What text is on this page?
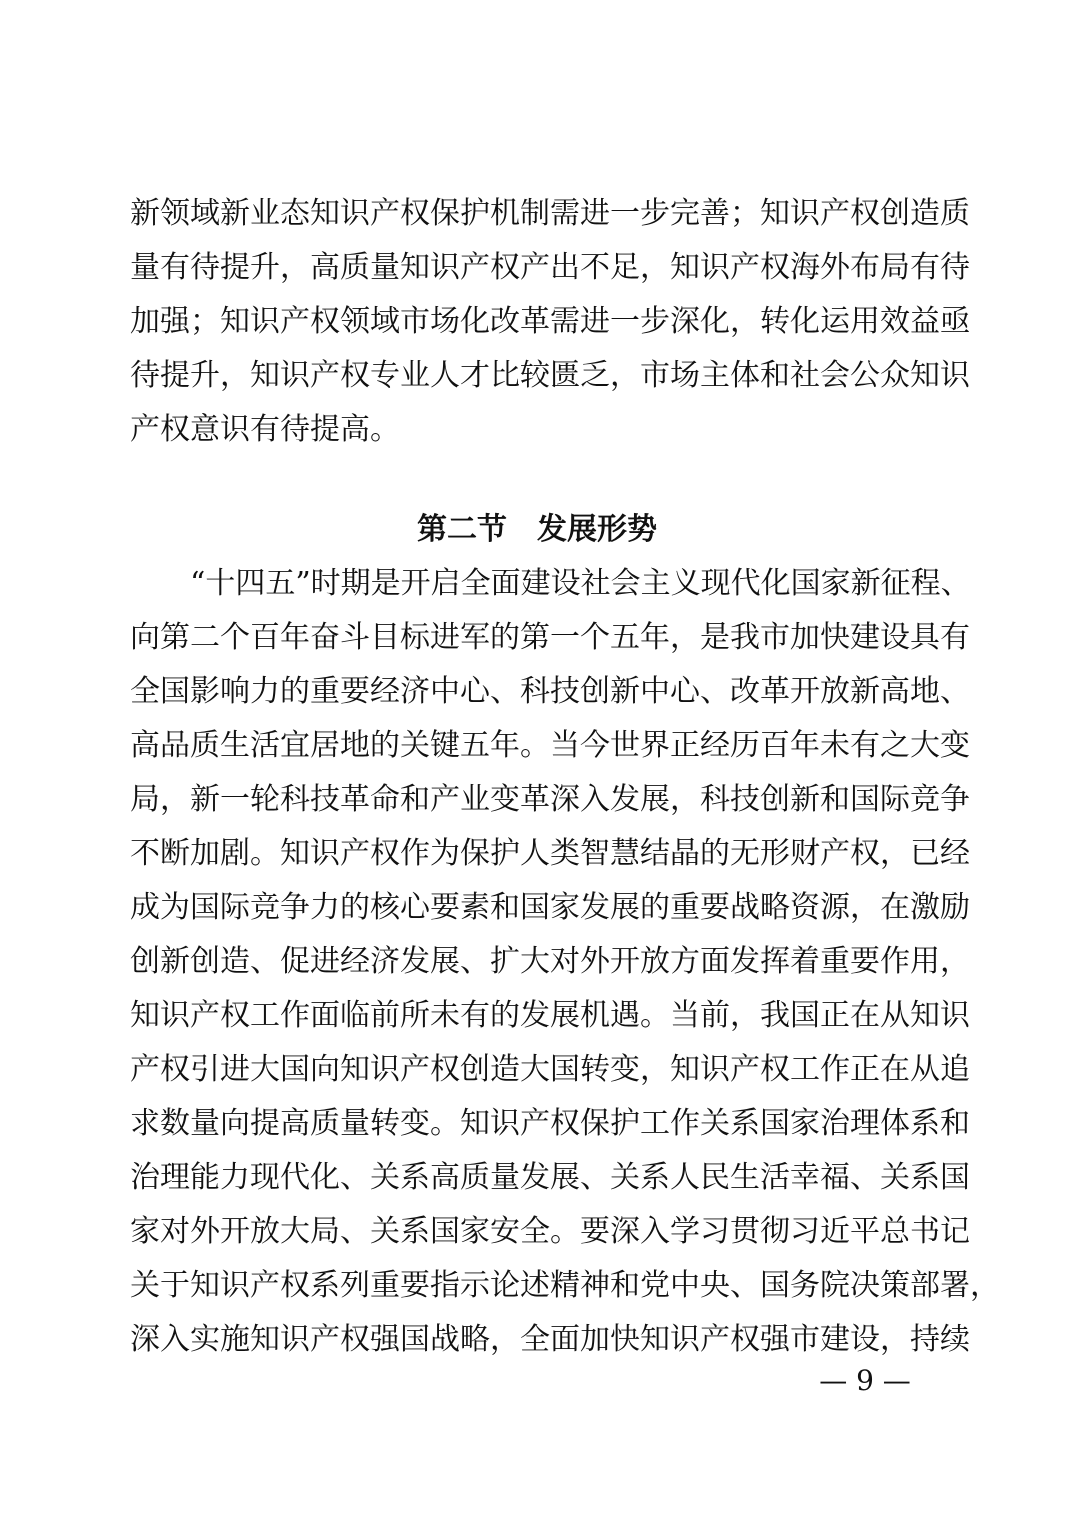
新领域新业态知识产权保护机制需进一步完善；知识产权创造质
量有待提升，高质量知识产权产出不足，知识产权海外布局有待
加强；知识产权领域市场化改革需进一步深化，转化运用效益亟
待提升，知识产权专业人才比较匮乏，市场主体和社会公众知识
产权意识有待提高。
第二节 发展形势
“十四五”时期是开启全面建设社会主义现代化国家新征程、
向第二个百年奋斗目标进军的第一个五年，是我市加快建设具有
全国影响力的重要经济中心、科技创新中心、改革开放新高地、
高品质生活宜居地的关键五年。当今世界正经历百年未有之大变
局，新一轮科技革命和产业变革深入发展，科技创新和国际竞争
不断加剧。知识产权作为保护人类智慧结晶的无形财产权，已经
成为国际竞争力的核心要素和国家发展的重要战略资源，在激励
创新创造、促进经济发展、扩大对外开放方面发挥着重要作用，
知识产权工作面临前所未有的发展机遇。当前，我国正在从知识
产权引进大国向知识产权创造大国转变，知识产权工作正在从追
求数量向提高质量转变。知识产权保护工作关系国家治理体系和
治理能力现代化、关系高质量发展、关系人民生活幸福、关系国
家对外开放大局、关系国家安全。要深入学习贯彻习近平总书记
关于知识产权系列重要指示论述精神和党中央、国务院决策部署，
深入实施知识产权强国战略，全面加快知识产权强市建设，持续
— 9 —
